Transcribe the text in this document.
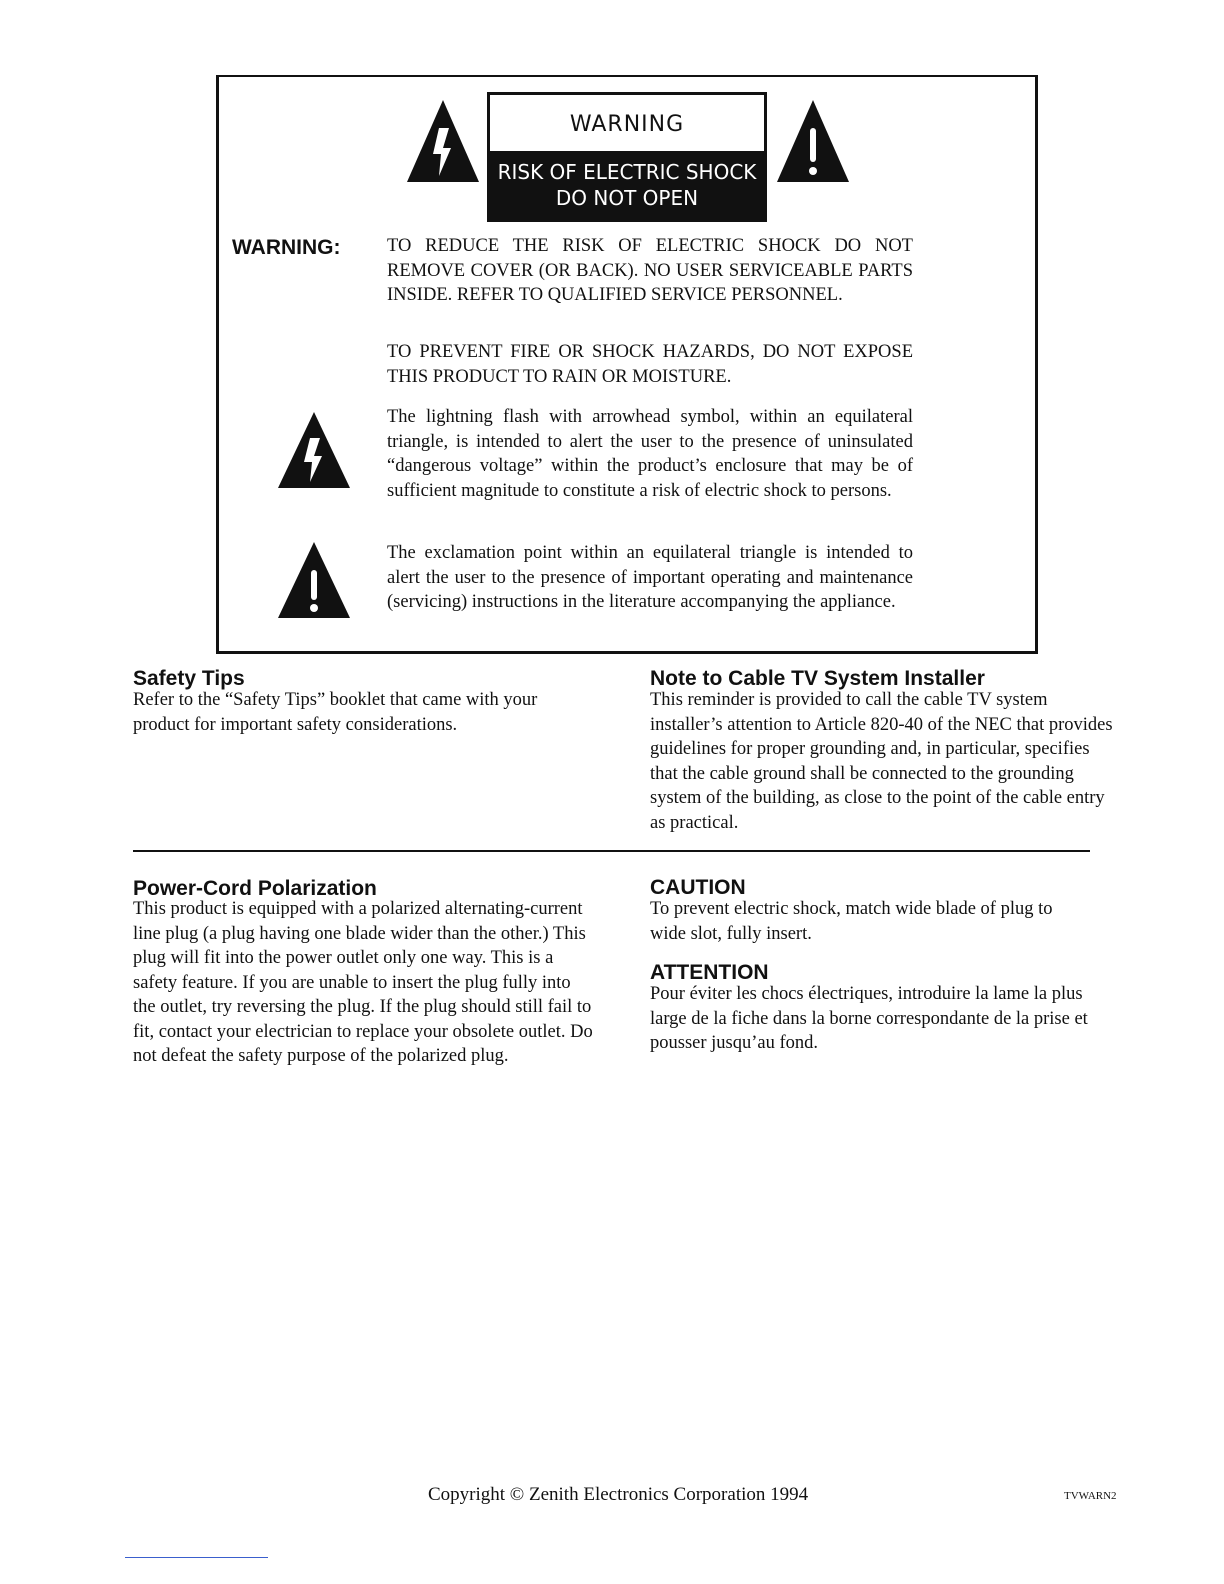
WARNING
RISK OF ELECTRIC SHOCK
DO NOT OPEN
WARNING:	TO REDUCE THE RISK OF ELECTRIC SHOCK DO NOT REMOVE COVER (OR BACK). NO USER SERVICEABLE PARTS INSIDE. REFER TO QUALIFIED SERVICE PERSONNEL.
TO PREVENT FIRE OR SHOCK HAZARDS, DO NOT EXPOSE THIS PRODUCT TO RAIN OR MOISTURE.
The lightning flash with arrowhead symbol, within an equilateral triangle, is intended to alert the user to the presence of uninsulated “dangerous voltage” within the product’s enclosure that may be of sufficient magnitude to constitute a risk of electric shock to persons.
The exclamation point within an equilateral triangle is intended to alert the user to the presence of important operating and maintenance (servicing) instructions in the literature accompanying the appliance.
Safety Tips
Refer to the “Safety Tips” booklet that came with your product for important safety considerations.
Note to Cable TV System Installer
This reminder is provided to call the cable TV system installer’s attention to Article 820-40 of the NEC that provides guidelines for proper grounding and, in particular, specifies that the cable ground shall be connected to the grounding system of the building, as close to the point of the cable entry as practical.
Power-Cord Polarization
This product is equipped with a polarized alternating-current line plug (a plug having one blade wider than the other.) This plug will fit into the power outlet only one way. This is a safety feature. If you are unable to insert the plug fully into the outlet, try reversing the plug. If the plug should still fail to fit, contact your electrician to replace your obsolete outlet. Do not defeat the safety purpose of the polarized plug.
CAUTION
To prevent electric shock, match wide blade of plug to wide slot, fully insert.
ATTENTION
Pour éviter les chocs électriques, introduire la lame la plus large de la fiche dans la borne correspondante de la prise et pousser jusqu’au fond.
Copyright © Zenith Electronics Corporation 1994	TVWARN2
